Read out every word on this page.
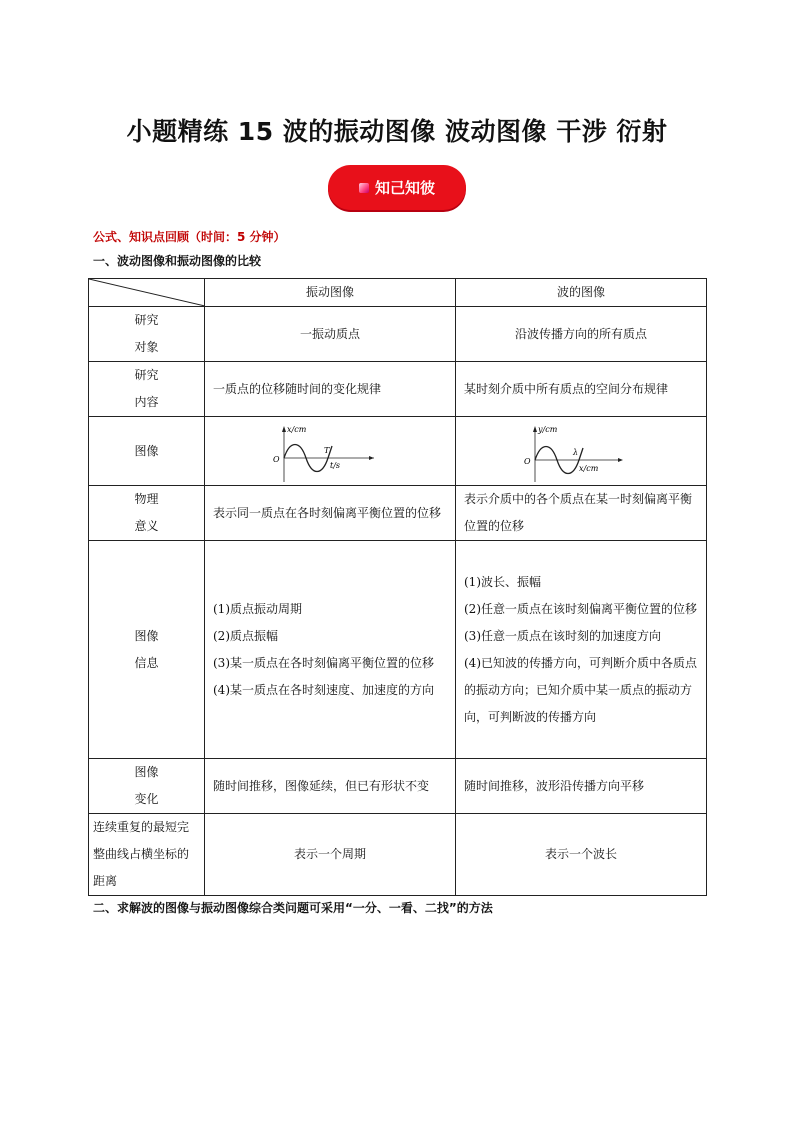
小题精练 15 波的振动图像 波动图像 干涉 衍射
知己知彼
公式、知识点回顾（时间：5 分钟）
一、波动图像和振动图像的比较
	振动图像	波的图像

研究
对象	一振动质点	沿波传播方向的所有质点

研究
内容	一质点的位移随时间的变化规律	某时刻介质中所有质点的空间分布规律
图像	x/cm
O
T
t/s	y/cm
O
λ
x/cm

物理
意义	表示同一质点在各时刻偏离平衡位置的位移	表示介质中的各个质点在某一时刻偏离平衡位置的位移

图像
信息	(1)质点振动周期
(2)质点振幅
(3)某一质点在各时刻偏离平衡位置的位移
(4)某一质点在各时刻速度、加速度的方向	(1)波长、振幅
(2)任意一质点在该时刻偏离平衡位置的位移
(3)任意一质点在该时刻的加速度方向
(4)已知波的传播方向，可判断介质中各质点的振动方向；已知介质中某一质点的振动方向，可判断波的传播方向

图像
变化	随时间推移，图像延续，但已有形状不变	随时间推移，波形沿传播方向平移
连续重复的最短完整曲线占横坐标的距离	表示一个周期	表示一个波长
二、求解波的图像与振动图像综合类问题可采用“一分、一看、二找”的方法
